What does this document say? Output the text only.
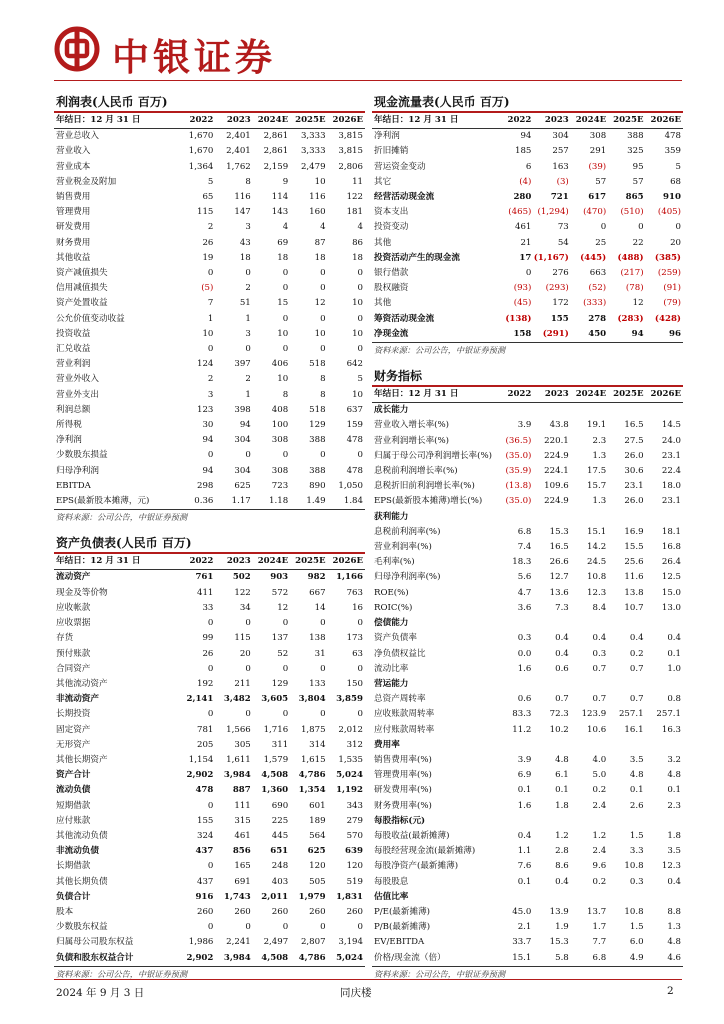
中银证券
利润表(人民币 百万)
年结日：12 月 31 日	2022	2023	2024E	2025E	2026E

营业总收入	1,670	2,401	2,861	3,333	3,815
营业收入	1,670	2,401	2,861	3,333	3,815
营业成本	1,364	1,762	2,159	2,479	2,806
营业税金及附加	5	8	9	10	11
销售费用	65	116	114	116	122
管理费用	115	147	143	160	181
研发费用	2	3	4	4	4
财务费用	26	43	69	87	86
其他收益	19	18	18	18	18
资产减值损失	0	0	0	0	0
信用减值损失	(5)	2	0	0	0
资产处置收益	7	51	15	12	10
公允价值变动收益	1	1	0	0	0
投资收益	10	3	10	10	10
汇兑收益	0	0	0	0	0
营业利润	124	397	406	518	642
营业外收入	2	2	10	8	5
营业外支出	3	1	8	8	10
利润总额	123	398	408	518	637
所得税	30	94	100	129	159
净利润	94	304	308	388	478
少数股东损益	0	0	0	0	0
归母净利润	94	304	308	388	478
EBITDA	298	625	723	890	1,050
EPS(最新股本摊薄，元)	0.36	1.17	1.18	1.49	1.84
资料来源：公司公告，中银证券预测
资产负债表(人民币 百万)
年结日：12 月 31 日	2022	2023	2024E	2025E	2026E

流动资产	761	502	903	982	1,166
现金及等价物	411	122	572	667	763
应收帐款	33	34	12	14	16
应收票据	0	0	0	0	0
存货	99	115	137	138	173
预付账款	26	20	52	31	63
合同资产	0	0	0	0	0
其他流动资产	192	211	129	133	150
非流动资产	2,141	3,482	3,605	3,804	3,859
长期投资	0	0	0	0	0
固定资产	781	1,566	1,716	1,875	2,012
无形资产	205	305	311	314	312
其他长期资产	1,154	1,611	1,579	1,615	1,535
资产合计	2,902	3,984	4,508	4,786	5,024
流动负债	478	887	1,360	1,354	1,192
短期借款	0	111	690	601	343
应付账款	155	315	225	189	279
其他流动负债	324	461	445	564	570
非流动负债	437	856	651	625	639
长期借款	0	165	248	120	120
其他长期负债	437	691	403	505	519
负债合计	916	1,743	2,011	1,979	1,831
股本	260	260	260	260	260
少数股东权益	0	0	0	0	0
归属母公司股东权益	1,986	2,241	2,497	2,807	3,194
负债和股东权益合计	2,902	3,984	4,508	4,786	5,024
资料来源：公司公告，中银证券预测
现金流量表(人民币 百万)
年结日：12 月 31 日	2022	2023	2024E	2025E	2026E

净利润	94	304	308	388	478
折旧摊销	185	257	291	325	359
营运资金变动	6	163	(39)	95	5
其它	(4)	(3)	57	57	68
经营活动现金流	280	721	617	865	910
资本支出	(465)	(1,294)	(470)	(510)	(405)
投资变动	461	73	0	0	0
其他	21	54	25	22	20
投资活动产生的现金流	17	(1,167)	(445)	(488)	(385)
银行借款	0	276	663	(217)	(259)
股权融资	(93)	(293)	(52)	(78)	(91)
其他	(45)	172	(333)	12	(79)
筹资活动现金流	(138)	155	278	(283)	(428)
净现金流	158	(291)	450	94	96
资料来源：公司公告，中银证券预测
财务指标
年结日：12 月 31 日	2022	2023	2024E	2025E	2026E

成长能力					
营业收入增长率(%)	3.9	43.8	19.1	16.5	14.5
营业利润增长率(%)	(36.5)	220.1	2.3	27.5	24.0
归属于母公司净利润增长率(%)	(35.0)	224.9	1.3	26.0	23.1
息税前利润增长率(%)	(35.9)	224.1	17.5	30.6	22.4
息税折旧前利润增长率(%)	(13.8)	109.6	15.7	23.1	18.0
EPS(最新股本摊薄)增长(%)	(35.0)	224.9	1.3	26.0	23.1
获利能力					
息税前利润率(%)	6.8	15.3	15.1	16.9	18.1
营业利润率(%)	7.4	16.5	14.2	15.5	16.8
毛利率(%)	18.3	26.6	24.5	25.6	26.4
归母净利润率(%)	5.6	12.7	10.8	11.6	12.5
ROE(%)	4.7	13.6	12.3	13.8	15.0
ROIC(%)	3.6	7.3	8.4	10.7	13.0
偿债能力					
资产负债率	0.3	0.4	0.4	0.4	0.4
净负债权益比	0.0	0.4	0.3	0.2	0.1
流动比率	1.6	0.6	0.7	0.7	1.0
营运能力					
总资产周转率	0.6	0.7	0.7	0.7	0.8
应收账款周转率	83.3	72.3	123.9	257.1	257.1
应付账款周转率	11.2	10.2	10.6	16.1	16.3
费用率					
销售费用率(%)	3.9	4.8	4.0	3.5	3.2
管理费用率(%)	6.9	6.1	5.0	4.8	4.8
研发费用率(%)	0.1	0.1	0.2	0.1	0.1
财务费用率(%)	1.6	1.8	2.4	2.6	2.3
每股指标(元)					
每股收益(最新摊薄)	0.4	1.2	1.2	1.5	1.8
每股经营现金流(最新摊薄)	1.1	2.8	2.4	3.3	3.5
每股净资产(最新摊薄)	7.6	8.6	9.6	10.8	12.3
每股股息	0.1	0.4	0.2	0.3	0.4
估值比率					
P/E(最新摊薄)	45.0	13.9	13.7	10.8	8.8
P/B(最新摊薄)	2.1	1.9	1.7	1.5	1.3
EV/EBITDA	33.7	15.3	7.7	6.0	4.8
价格/现金流（倍）	15.1	5.8	6.8	4.9	4.6
资料来源：公司公告，中银证券预测
2024 年 9 月 3 日	同庆楼	2
